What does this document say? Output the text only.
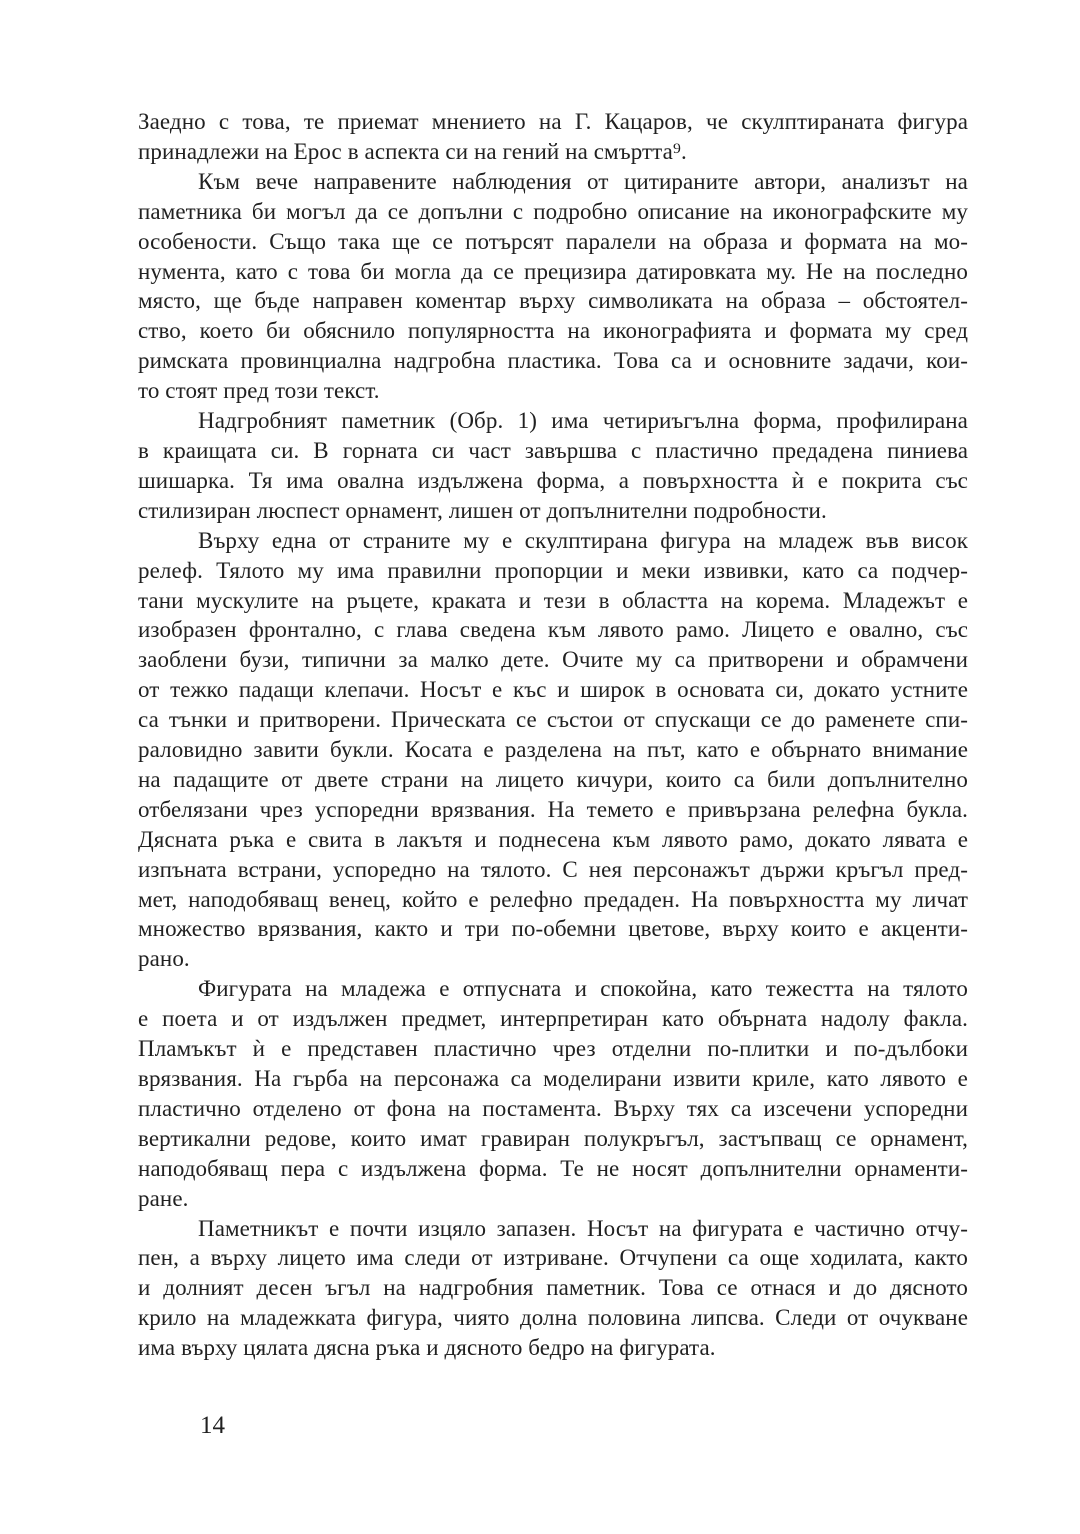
Заедно с това, те приемат мнението на Г. Кацаров, че скулптираната фигура
принадлежи на Ерос в аспекта си на гений на смъртта⁹.
Към вече направените наблюдения от цитираните автори, анализът на
паметника би могъл да се допълни с подробно описание на иконографските му
особености. Също така ще се потърсят паралели на образа и формата на мо-
нумента, като с това би могла да се прецизира датировката му. Не на последно
място, ще бъде направен коментар върху символиката на образа – обстоятел-
ство, което би обяснило популярността на иконографията и формата му сред
римската провинциална надгробна пластика. Това са и основните задачи, кои-
то стоят пред този текст.
Надгробният паметник (Обр. 1) има четириъгълна форма, профилирана
в краищата си. В горната си част завършва с пластично предадена пиниева
шишарка. Тя има овална издължена форма, а повърхността ѝ е покрита със
стилизиран люспест орнамент, лишен от допълнителни подробности.
Върху една от страните му е скулптирана фигура на младеж във висок
релеф. Тялото му има правилни пропорции и меки извивки, като са подчер-
тани мускулите на ръцете, краката и тези в областта на корема. Младежът е
изобразен фронтално, с глава сведена към лявото рамо. Лицето е овално, със
заоблени бузи, типични за малко дете. Очите му са притворени и обрамчени
от тежко падащи клепачи. Носът е къс и широк в основата си, докато устните
са тънки и притворени. Прическата се състои от спускащи се до раменете спи-
раловидно завити букли. Косата е разделена на път, като е обърнато внимание
на падащите от двете страни на лицето кичури, които са били допълнително
отбелязани чрез успоредни врязвания. На темето е привързана релефна букла.
Дясната ръка е свита в лакътя и поднесена към лявото рамо, докато лявата е
изпъната встрани, успоредно на тялото. С нея персонажът държи кръгъл пред-
мет, наподобяващ венец, който е релефно предаден. На повърхността му личат
множество врязвания, както и три по-обемни цветове, върху които е акценти-
рано.
Фигурата на младежа е отпусната и спокойна, като тежестта на тялото
е поета и от издължен предмет, интерпретиран като обърната надолу факла.
Пламъкът ѝ е представен пластично чрез отделни по-плитки и по-дълбоки
врязвания. На гърба на персонажа са моделирани извити криле, като лявото е
пластично отделено от фона на постамента. Върху тях са изсечени успоредни
вертикални редове, които имат гравиран полукръгъл, застъпващ се орнамент,
наподобяващ пера с издължена форма. Те не носят допълнителни орнаменти-
ране.
Паметникът е почти изцяло запазен. Носът на фигурата е частично отчу-
пен, а върху лицето има следи от изтриване. Отчупени са още ходилата, както
и долният десен ъгъл на надгробния паметник. Това се отнася и до дясното
крило на младежката фигура, чиято долна половина липсва. Следи от очукване
има върху цялата дясна ръка и дясното бедро на фигурата.
14
